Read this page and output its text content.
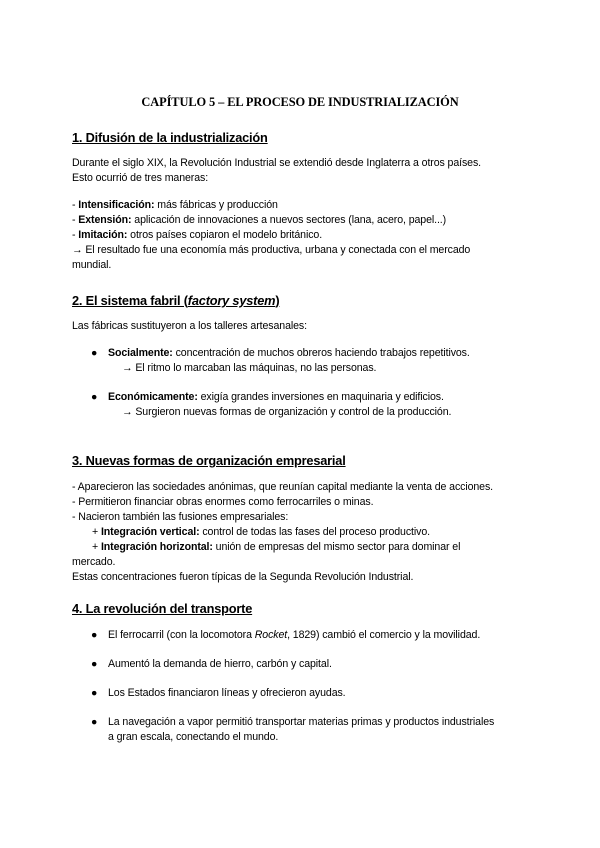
CAPÍTULO 5 – EL PROCESO DE INDUSTRIALIZACIÓN
1. Difusión de la industrialización
Durante el siglo XIX, la Revolución Industrial se extendió desde Inglaterra a otros países.
Esto ocurrió de tres maneras:
- Intensificación: más fábricas y producción
- Extensión: aplicación de innovaciones a nuevos sectores (lana, acero, papel...)
- Imitación: otros países copiaron el modelo británico.
→ El resultado fue una economía más productiva, urbana y conectada con el mercado
mundial.
2. El sistema fabril (factory system)
Las fábricas sustituyeron a los talleres artesanales:
● Socialmente: concentración de muchos obreros haciendo trabajos repetitivos.
→ El ritmo lo marcaban las máquinas, no las personas.
● Económicamente: exigía grandes inversiones en maquinaria y edificios.
→ Surgieron nuevas formas de organización y control de la producción.
3. Nuevas formas de organización empresarial
- Aparecieron las sociedades anónimas, que reunían capital mediante la venta de acciones.
- Permitieron financiar obras enormes como ferrocarriles o minas.
- Nacieron también las fusiones empresariales:
+ Integración vertical: control de todas las fases del proceso productivo.
+ Integración horizontal: unión de empresas del mismo sector para dominar el
mercado.
Estas concentraciones fueron típicas de la Segunda Revolución Industrial.
4. La revolución del transporte
● El ferrocarril (con la locomotora Rocket, 1829) cambió el comercio y la movilidad.
● Aumentó la demanda de hierro, carbón y capital.
● Los Estados financiaron líneas y ofrecieron ayudas.
● La navegación a vapor permitió transportar materias primas y productos industriales
a gran escala, conectando el mundo.
